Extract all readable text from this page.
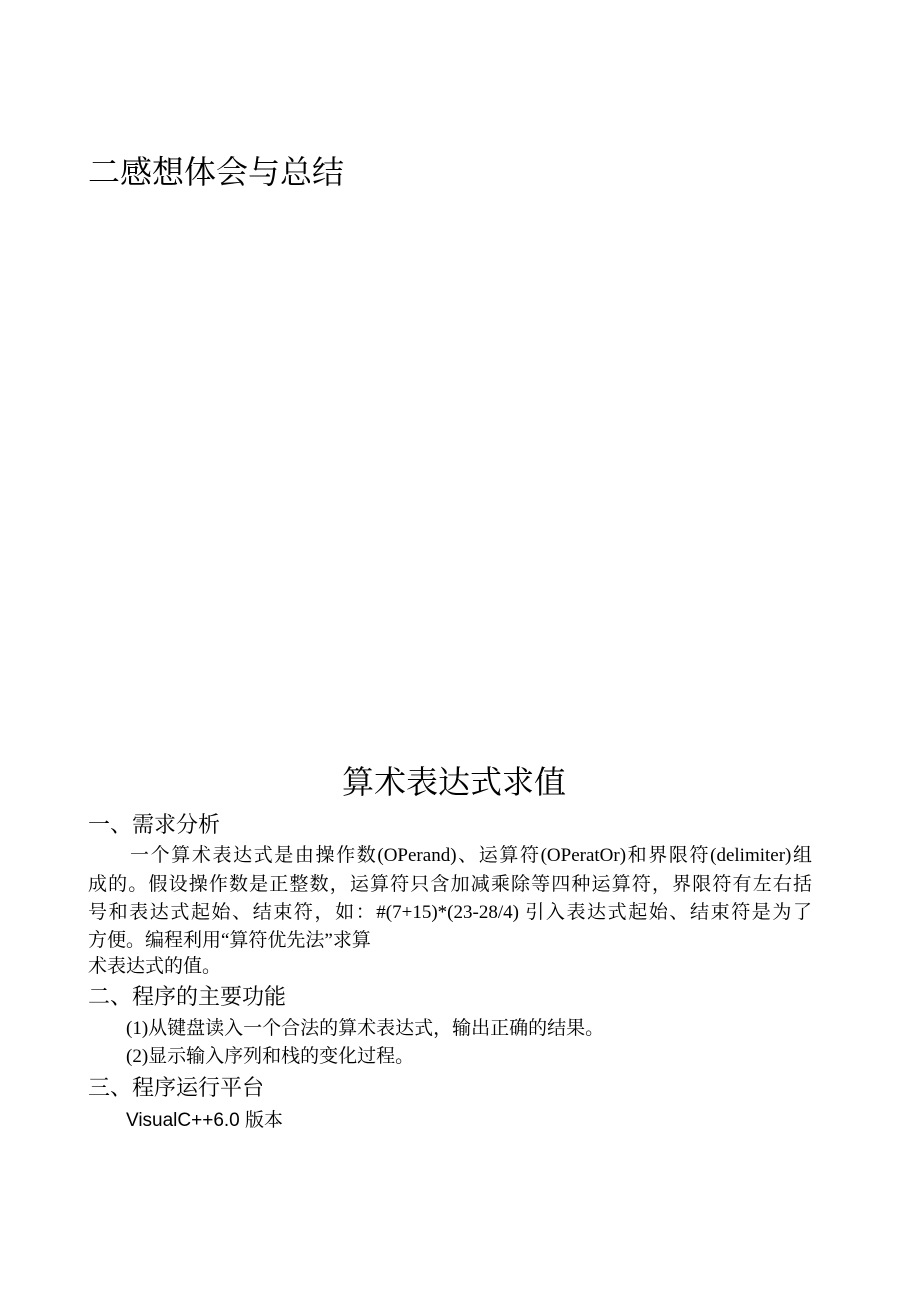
二感想体会与总结
算术表达式求值
一、需求分析
一个算术表达式是由操作数(OPerand)、运算符(OPeratOr)和界限符(delimiter)组
成的。假设操作数是正整数，运算符只含加减乘除等四种运算符，界限符有左右括
号和表达式起始、结束符，如：#(7+15)*(23-28/4) 引入表达式起始、结束符是为了
方便。编程利用“算符优先法”求算
术表达式的值。
二、程序的主要功能
(1)从键盘读入一个合法的算术表达式，输出正确的结果。
(2)显示输入序列和栈的变化过程。
三、程序运行平台
VisualC++6.0 版本
